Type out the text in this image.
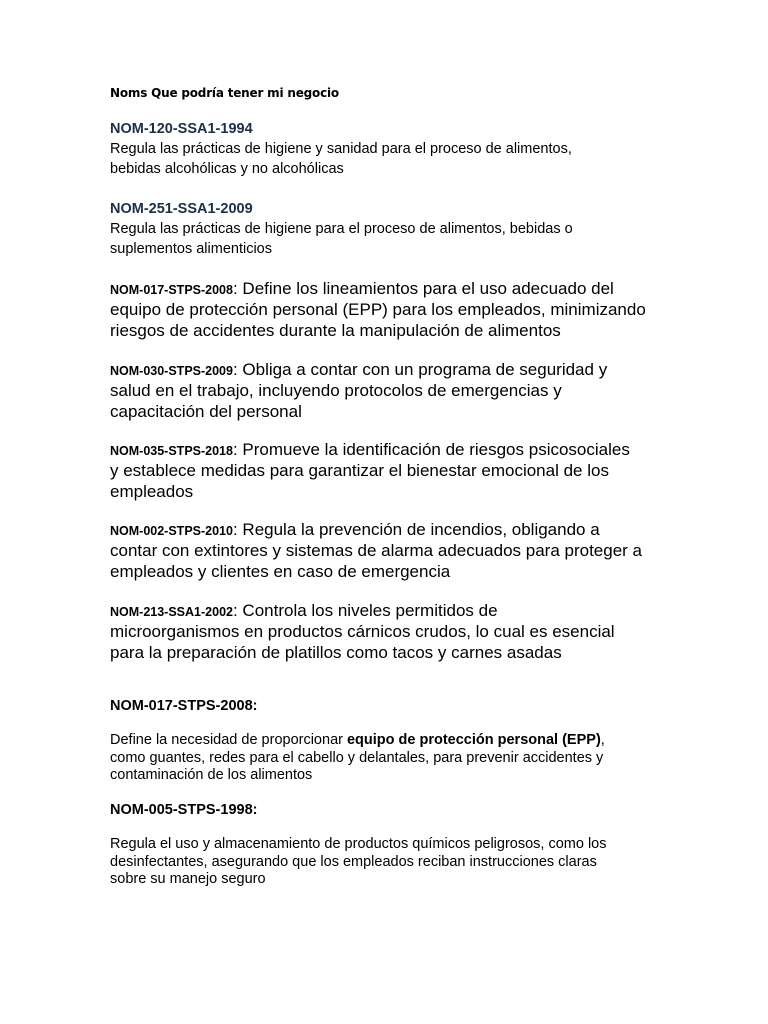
Noms Que podría tener mi negocio
NOM-120-SSA1-1994
Regula las prácticas de higiene y sanidad para el proceso de alimentos,
bebidas alcohólicas y no alcohólicas
NOM-251-SSA1-2009
Regula las prácticas de higiene para el proceso de alimentos, bebidas o
suplementos alimenticios
NOM-017-STPS-2008: Define los lineamientos para el uso adecuado del
equipo de protección personal (EPP) para los empleados, minimizando
riesgos de accidentes durante la manipulación de alimentos
NOM-030-STPS-2009: Obliga a contar con un programa de seguridad y
salud en el trabajo, incluyendo protocolos de emergencias y
capacitación del personal
NOM-035-STPS-2018: Promueve la identificación de riesgos psicosociales
y establece medidas para garantizar el bienestar emocional de los
empleados
NOM-002-STPS-2010: Regula la prevención de incendios, obligando a
contar con extintores y sistemas de alarma adecuados para proteger a
empleados y clientes en caso de emergencia
NOM-213-SSA1-2002: Controla los niveles permitidos de
microorganismos en productos cárnicos crudos, lo cual es esencial
para la preparación de platillos como tacos y carnes asadas
NOM-017-STPS-2008:
Define la necesidad de proporcionar equipo de protección personal (EPP),
como guantes, redes para el cabello y delantales, para prevenir accidentes y
contaminación de los alimentos
NOM-005-STPS-1998:
Regula el uso y almacenamiento de productos químicos peligrosos, como los
desinfectantes, asegurando que los empleados reciban instrucciones claras
sobre su manejo seguro
